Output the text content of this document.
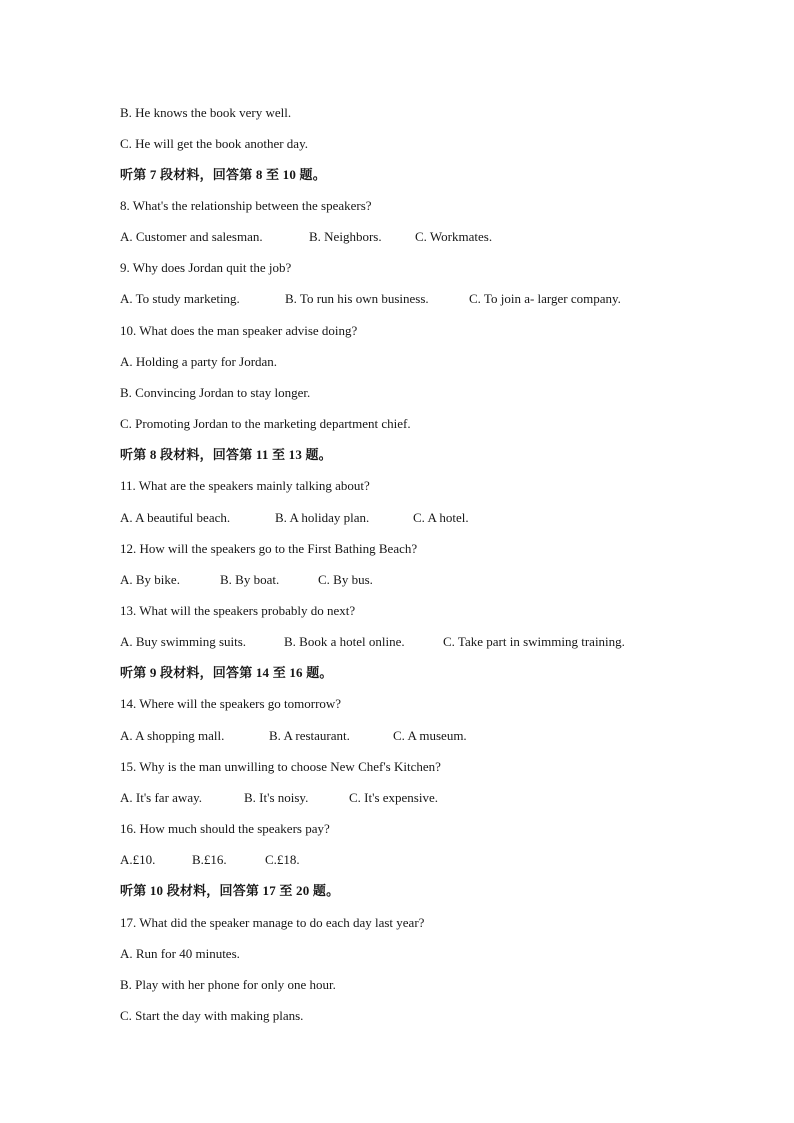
B. He knows the book very well.
C. He will get the book another day.
听第 7 段材料，回答第 8 至 10 题。
8. What's the relationship between the speakers?
A. Customer and salesman.	B. Neighbors.	C. Workmates.
9. Why does Jordan quit the job?
A. To study marketing.	B. To run his own business.	C. To join a- larger company.
10. What does the man speaker advise doing?
A. Holding a party for Jordan.
B. Convincing Jordan to stay longer.
C. Promoting Jordan to the marketing department chief.
听第 8 段材料，回答第 11 至 13 题。
11. What are the speakers mainly talking about?
A. A beautiful beach.	B. A holiday plan.	C. A hotel.
12. How will the speakers go to the First Bathing Beach?
A. By bike.	B. By boat.	C. By bus.
13. What will the speakers probably do next?
A. Buy swimming suits.	B. Book a hotel online.	C. Take part in swimming training.
听第 9 段材料，回答第 14 至 16 题。
14. Where will the speakers go tomorrow?
A. A shopping mall.	B. A restaurant.	C. A museum.
15. Why is the man unwilling to choose New Chef's Kitchen?
A. It's far away.	B. It's noisy.	C. It's expensive.
16. How much should the speakers pay?
A.£10.	B.£16.	C.£18.
听第 10 段材料，回答第 17 至 20 题。
17. What did the speaker manage to do each day last year?
A. Run for 40 minutes.
B. Play with her phone for only one hour.
C. Start the day with making plans.
